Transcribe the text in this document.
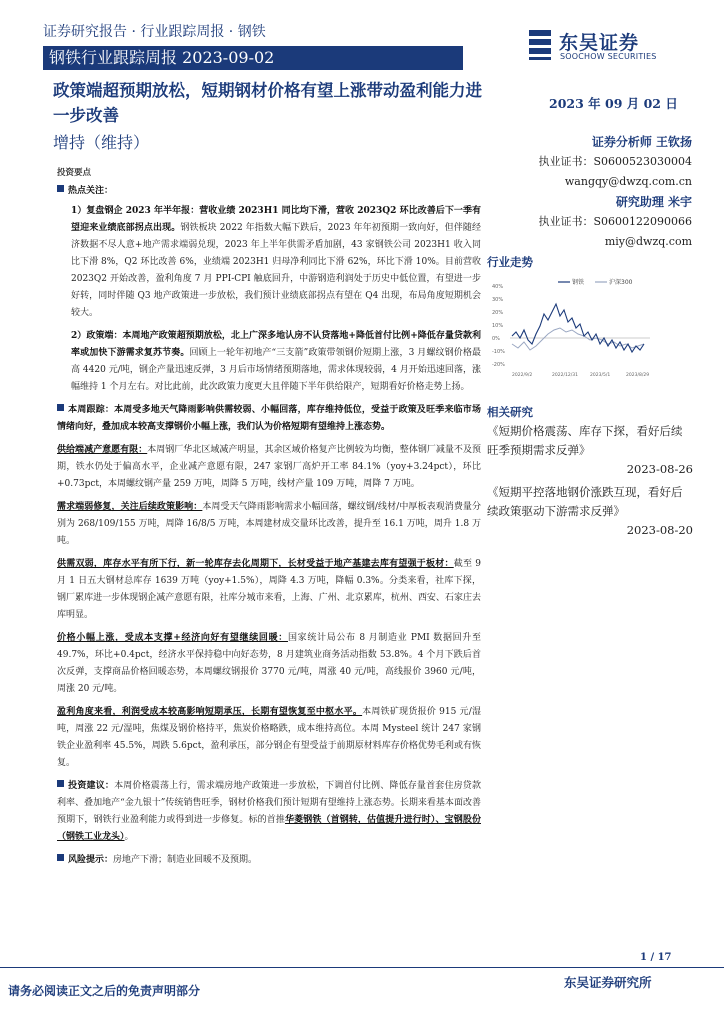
证券研究报告 · 行业跟踪周报 · 钢铁
钢铁行业跟踪周报 2023-09-02
东吴证券
SOOCHOW SECURITIES
政策端超预期放松，短期钢材价格有望上涨带动盈利能力进一步改善
增持（维持）
投资要点

热点关注：

1）复盘钢企 2023 年半年报：营收业绩 2023H1 同比均下滑，营收 2023Q2 环比改善后下一季有望迎来业绩底部拐点出现。钢铁板块 2022 年指数大幅下跌后，2023 年年初预期一致向好，但伴随经济数据不尽人意+地产需求端弱兑现，2023 年上半年供需矛盾加剧，43 家钢铁公司 2023H1 收入同比下滑 8%，Q2 环比改善 6%，业绩端 2023H1 归母净利同比下滑 62%，环比下滑 10%。目前营收 2023Q2 开始改善，盈利角度 7 月 PPI-CPI 触底回升，中游钢造利润处于历史中低位置，有望进一步好转，同时伴随 Q3 地产政策进一步放松，我们预计业绩底部拐点有望在 Q4 出现，布局角度短期机会较大。

2）政策端：本周地产政策超预期放松，北上广深多地认房不认贷落地+降低首付比例+降低存量贷款利率或加快下游需求复苏节奏。回顾上一轮年初地产“三支箭”政策带领钢价短期上涨，3 月螺纹钢价格最高 4420 元/吨，钢企产量迅速反弹，3 月后市场情绪预期落地，需求体现较弱，4 月开始迅速回落，涨幅维持 1 个月左右。对比此前，此次政策力度更大且伴随下半年供给限产，短期看好价格走势上扬。

本周跟踪：本周受多地天气降雨影响供需较弱、小幅回落，库存维持低位，受益于政策及旺季来临市场情绪向好，叠加成本较高支撑钢价小幅上涨，我们认为价格短期有望维持上涨态势。

供给端减产意愿有限：本周钢厂华北区域减产明显，其余区域价格复产比例较为均衡，整体钢厂减量不及预期，铁水仍处于偏高水平，企业减产意愿有限，247 家钢厂高炉开工率 84.1%（yoy+3.24pct），环比+0.73pct，本周螺纹钢产量 259 万吨，周降 5 万吨，线材产量 109 万吨，周降 7 万吨。

需求端弱修复，关注后续政策影响：本周受天气降雨影响需求小幅回落，螺纹钢/线材/中厚板表观消费量分别为 268/109/155 万吨，周降 16/8/5 万吨，本周建材成交量环比改善，提升至 16.1 万吨，周升 1.8 万吨。

供需双弱，库存水平有所下行，新一轮库存去化周期下，长材受益于地产基建去库有望强于板材：截至 9 月 1 日五大钢材总库存 1639 万吨（yoy+1.5%），周降 4.3 万吨，降幅 0.3%。分类来看，社库下探，钢厂累库进一步体现钢企减产意愿有限，社库分城市来看，上海、广州、北京累库，杭州、西安、石家庄去库明显。

价格小幅上涨，受成本支撑+经济向好有望继续回暖：国家统计局公布 8 月制造业 PMI 数据回升至 49.7%，环比+0.4pct，经济水平保持稳中向好态势，8 月建筑业商务活动指数 53.8%。4 个月下跌后首次反弹，支撑商品价格回暖态势，本周螺纹钢报价 3770 元/吨，周涨 40 元/吨，高线报价 3960 元/吨，周涨 20 元/吨。

盈利角度来看，利润受成本较高影响短期承压，长期有望恢复至中枢水平。本周铁矿现货报价 915 元/湿吨，周涨 22 元/湿吨，焦煤及钢价格持平，焦炭价格略跌，成本维持高位。本周 Mysteel 统计 247 家钢铁企业盈利率 45.5%，周跌 5.6pct，盈利承压，部分钢企有望受益于前期原材料库存价格优势毛利或有恢复。

投资建议：本周价格震荡上行，需求端房地产政策进一步放松，下调首付比例、降低存量首套住房贷款利率、叠加地产“金九银十”传统销售旺季，钢材价格我们预计短期有望维持上涨态势。长期来看基本面改善预期下，钢铁行业盈利能力或得到进一步修复。标的首推华菱钢铁（首钢转，估值提升进行时）、宝钢股份（钢铁工业龙头）。

风险提示：房地产下滑；制造业回暖不及预期。

2023 年 09 月 02 日
证券分析师 王钦扬
执业证书：S0600523030004
wangqy@dwzq.com.cn
研究助理 米宇
执业证书：S0600122090066
miy@dwzq.com
行业走势
40%
30%
20%
10%
0%
-10%
-20%
钢铁	沪深300
2022/9/2	2022/12/31	2023/5/1	2023/8/29
相关研究
《短期价格震荡、库存下探，看好后续旺季预期需求反弹》
2023-08-26
《短期平控落地钢价涨跌互现，看好后续政策驱动下游需求反弹》
2023-08-20
1 / 17
请务必阅读正文之后的免责声明部分
东吴证券研究所
